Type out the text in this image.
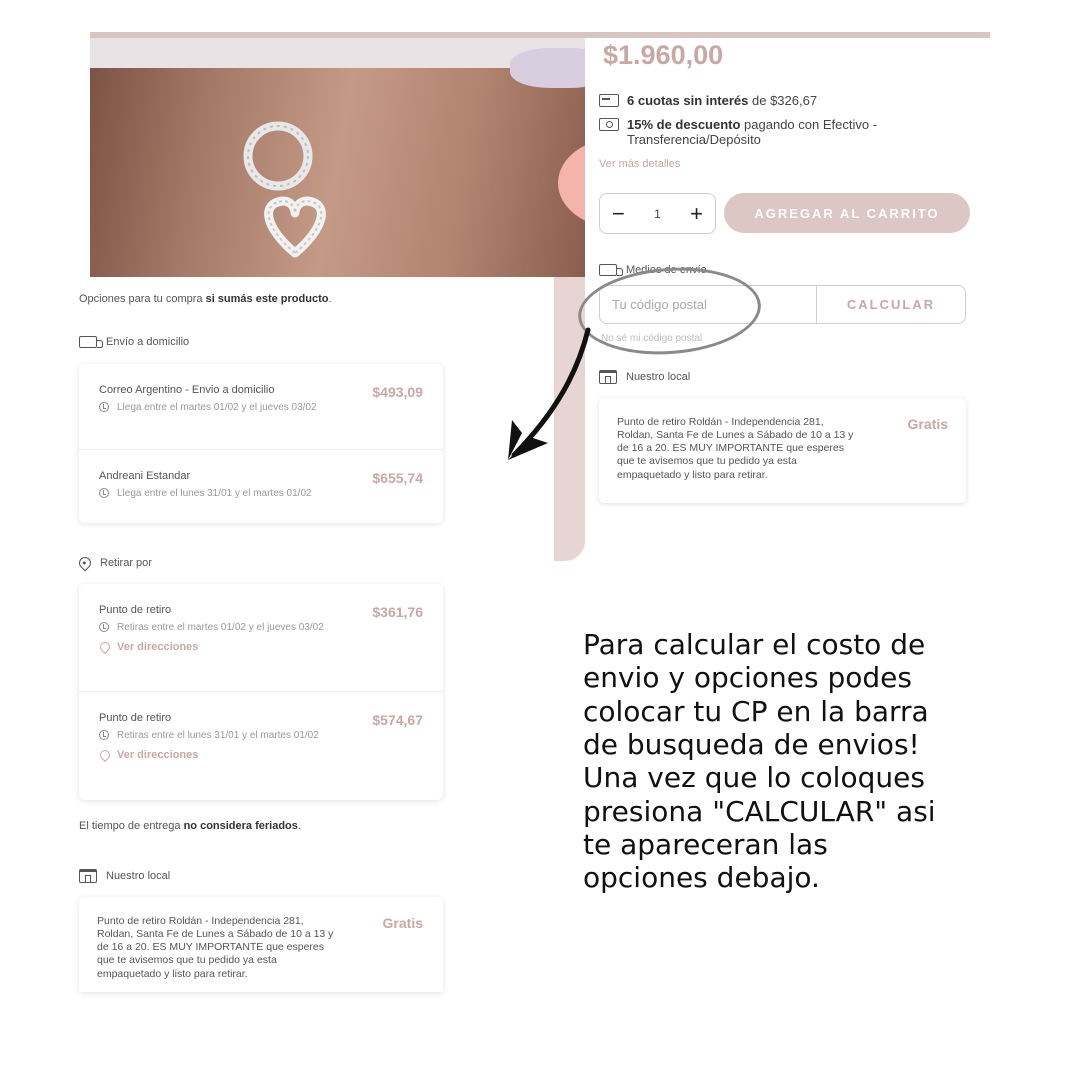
$1.960,00
6 cuotas sin interés de $326,67
15% de descuento pagando con Efectivo - Transferencia/Depósito
Ver más detalles
− 1 +	AGREGAR AL CARRITO
Medios de envío
Tu código postal
CALCULAR
No sé mi código postal
Nuestro local
Punto de retiro Roldán - Independencia 281, Roldan, Santa Fe de Lunes a Sábado de 10 a 13 y de 16 a 20. ES MUY IMPORTANTE que esperes que te avisemos que tu pedido ya esta empaquetado y listo para retirar.
Gratis
Opciones para tu compra si sumás este producto.
Envío a domicilio
Correo Argentino - Envio a domicilio
Llega entre el martes 01/02 y el jueves 03/02
$493,09
Andreani Estandar
Llega entre el lunes 31/01 y el martes 01/02
$655,74
Retirar por
Punto de retiro
Retiras entre el martes 01/02 y el jueves 03/02
Ver direcciones
$361,76
Punto de retiro
Retiras entre el lunes 31/01 y el martes 01/02
Ver direcciones
$574,67
El tiempo de entrega no considera feriados.
Nuestro local
Punto de retiro Roldán - Independencia 281, Roldan, Santa Fe de Lunes a Sábado de 10 a 13 y de 16 a 20. ES MUY IMPORTANTE que esperes que te avisemos que tu pedido ya esta empaquetado y listo para retirar.
Gratis
Para calcular el costo de
envio y opciones podes
colocar tu CP en la barra
de busqueda de envios!
Una vez que lo coloques
presiona "CALCULAR" asi
te apareceran las
opciones debajo.
